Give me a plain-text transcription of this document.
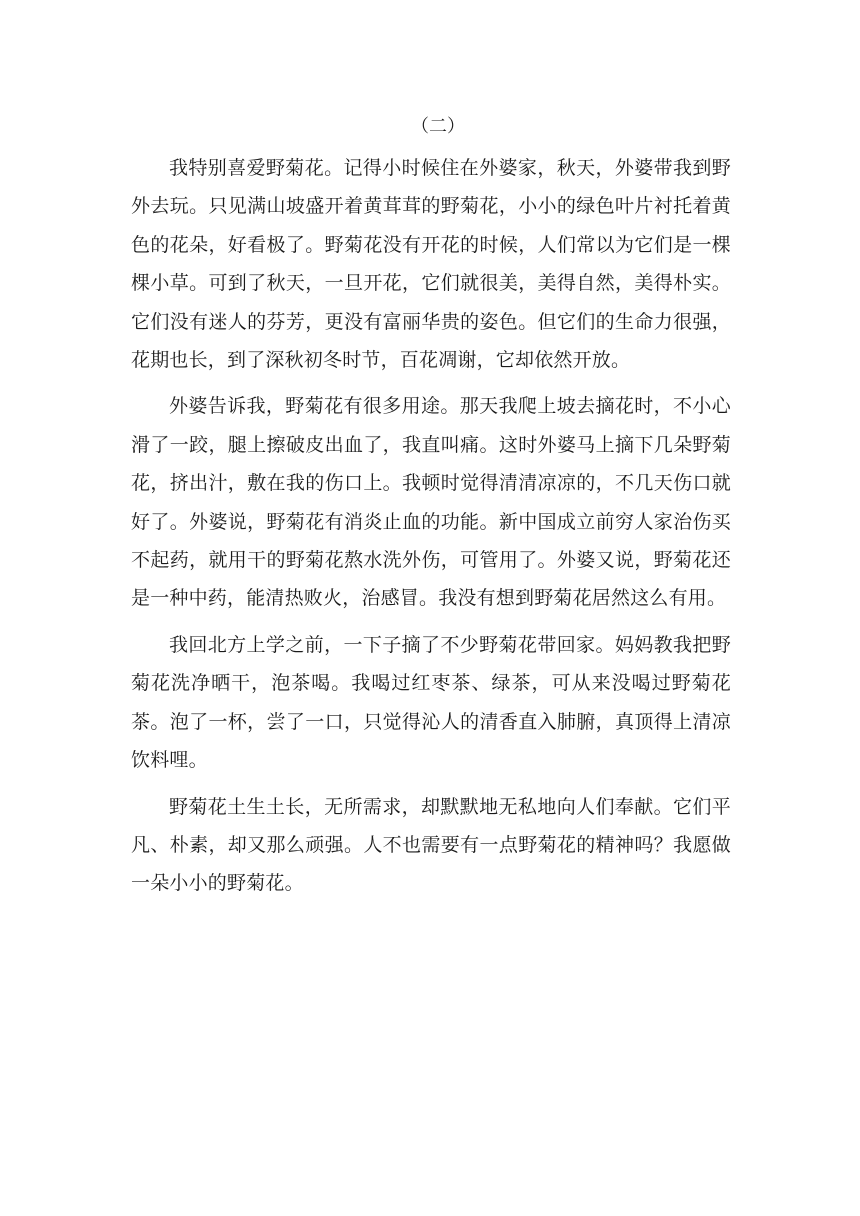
（二）

我特别喜爱野菊花。记得小时候住在外婆家，秋天，外婆带我到野外去玩。只见满山坡盛开着黄茸茸的野菊花，小小的绿色叶片衬托着黄色的花朵，好看极了。野菊花没有开花的时候，人们常以为它们是一棵棵小草。可到了秋天，一旦开花，它们就很美，美得自然，美得朴实。它们没有迷人的芬芳，更没有富丽华贵的姿色。但它们的生命力很强，花期也长，到了深秋初冬时节，百花凋谢，它却依然开放。

外婆告诉我，野菊花有很多用途。那天我爬上坡去摘花时，不小心滑了一跤，腿上擦破皮出血了，我直叫痛。这时外婆马上摘下几朵野菊花，挤出汁，敷在我的伤口上。我顿时觉得清清凉凉的，不几天伤口就好了。外婆说，野菊花有消炎止血的功能。新中国成立前穷人家治伤买不起药，就用干的野菊花熬水洗外伤，可管用了。外婆又说，野菊花还是一种中药，能清热败火，治感冒。我没有想到野菊花居然这么有用。

我回北方上学之前，一下子摘了不少野菊花带回家。妈妈教我把野菊花洗净晒干，泡茶喝。我喝过红枣茶、绿茶，可从来没喝过野菊花茶。泡了一杯，尝了一口，只觉得沁人的清香直入肺腑，真顶得上清凉饮料哩。

野菊花土生土长，无所需求，却默默地无私地向人们奉献。它们平凡、朴素，却又那么顽强。人不也需要有一点野菊花的精神吗？我愿做一朵小小的野菊花。
